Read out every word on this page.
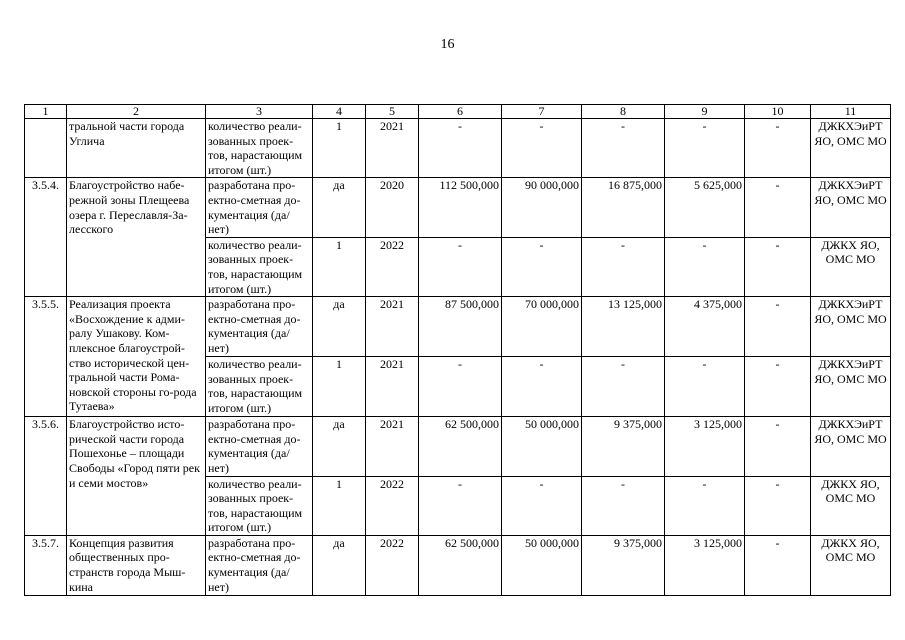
16
1	2	3	4	5	6	7	8	9	10	11
	тральной части города Углича	количество реали-зованных проек-тов, нарастающим итогом (шт.)	1	2021	-	-	-	-	-	ДЖКХЭиРТ ЯО, ОМС МО
3.5.4.	Благоустройство набе-режной зоны Плещеева озера г. Переславля-За-лесского	разработана про-ектно-сметная до-кументация (да/нет)	да	2020	112 500,000	90 000,000	16 875,000	5 625,000	-	ДЖКХЭиРТ ЯО, ОМС МО
		количество реали-зованных проек-тов, нарастающим итогом (шт.)	1	2022	-	-	-	-	-	ДЖКХ ЯО, ОМС МО
3.5.5.	Реализация проекта «Восхождение к адми-ралу Ушакову. Ком-плексное благоустрой-ство исторической цен-тральной части Рома-новской стороны го-рода Тутаева»	разработана про-ектно-сметная до-кументация (да/нет)	да	2021	87 500,000	70 000,000	13 125,000	4 375,000	-	ДЖКХЭиРТ ЯО, ОМС МО
		количество реали-зованных проек-тов, нарастающим итогом (шт.)	1	2021	-	-	-	-	-	ДЖКХЭиРТ ЯО, ОМС МО
3.5.6.	Благоустройство исто-рической части города Пошехонье – площади Свободы «Город пяти рек и семи мостов»	разработана про-ектно-сметная до-кументация (да/нет)	да	2021	62 500,000	50 000,000	9 375,000	3 125,000	-	ДЖКХЭиРТ ЯО, ОМС МО
		количество реали-зованных проек-тов, нарастающим итогом (шт.)	1	2022	-	-	-	-	-	ДЖКХ ЯО, ОМС МО
3.5.7.	Концепция развития общественных про-странств города Мыш-кина	разработана про-ектно-сметная до-кументация (да/нет)	да	2022	62 500,000	50 000,000	9 375,000	3 125,000	-	ДЖКХ ЯО, ОМС МО
